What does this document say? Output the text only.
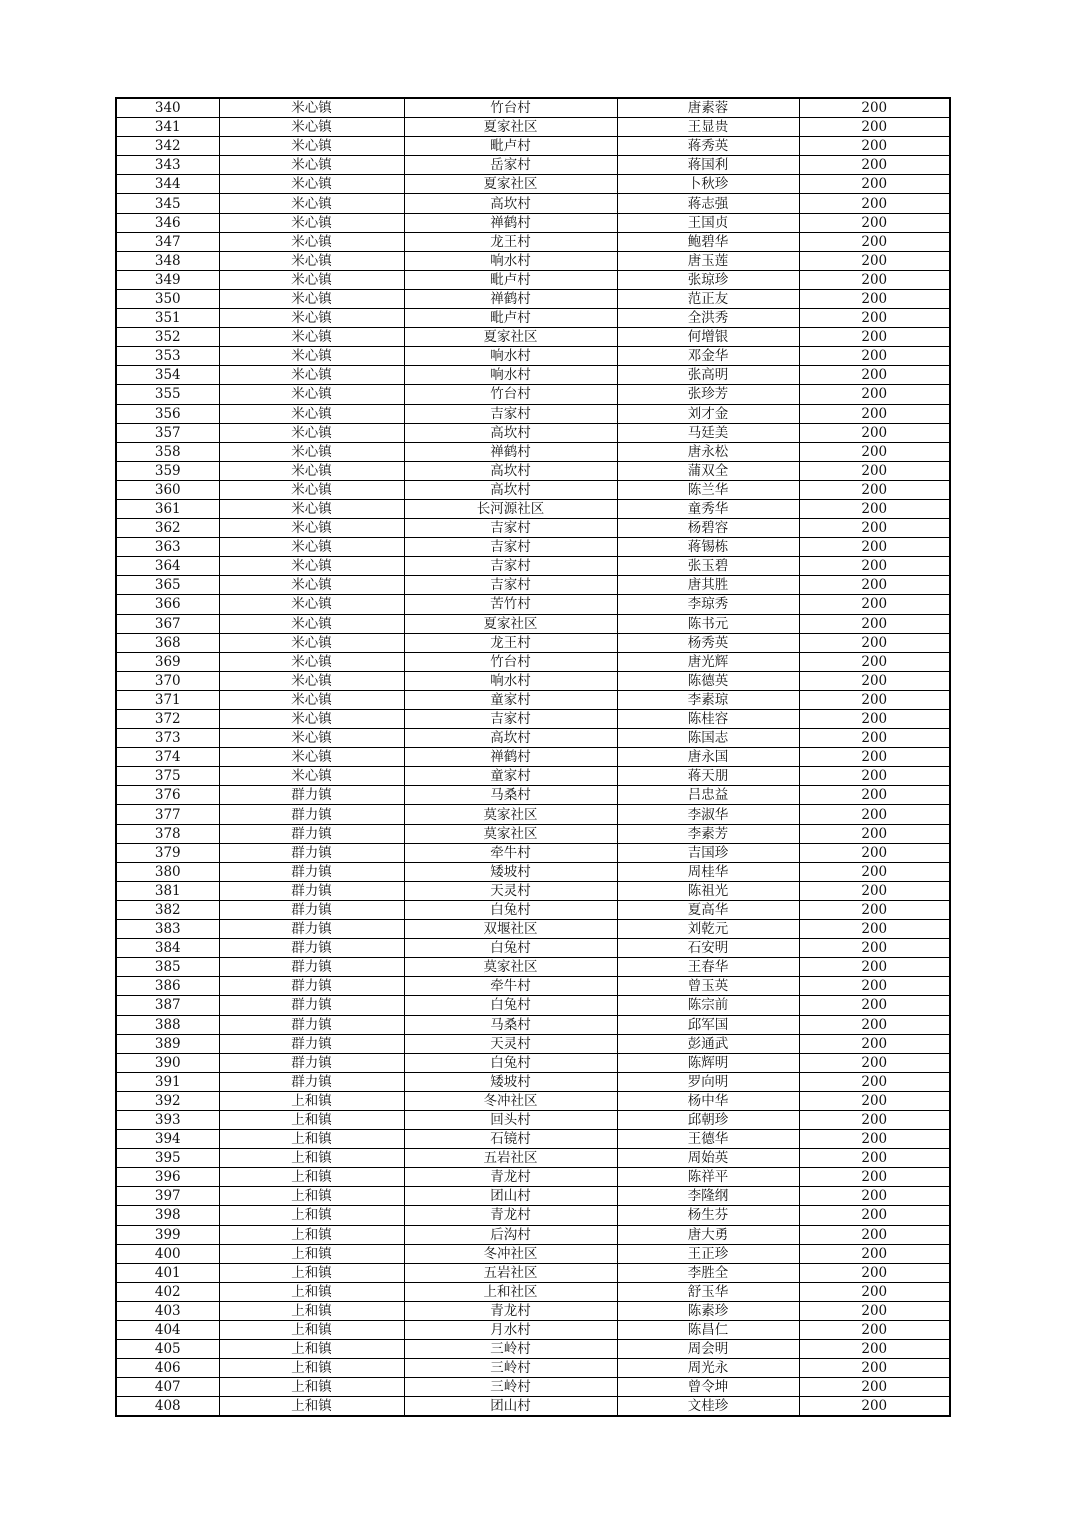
340	米心镇	竹台村	唐素蓉	200
341	米心镇	夏家社区	王显贵	200
342	米心镇	毗卢村	蒋秀英	200
343	米心镇	岳家村	蒋国利	200
344	米心镇	夏家社区	卜秋珍	200
345	米心镇	高坎村	蒋志强	200
346	米心镇	禅鹤村	王国贞	200
347	米心镇	龙王村	鲍碧华	200
348	米心镇	响水村	唐玉莲	200
349	米心镇	毗卢村	张琼珍	200
350	米心镇	禅鹤村	范正友	200
351	米心镇	毗卢村	全洪秀	200
352	米心镇	夏家社区	何增银	200
353	米心镇	响水村	邓金华	200
354	米心镇	响水村	张高明	200
355	米心镇	竹台村	张珍芳	200
356	米心镇	吉家村	刘才金	200
357	米心镇	高坎村	马廷美	200
358	米心镇	禅鹤村	唐永松	200
359	米心镇	高坎村	蒲双全	200
360	米心镇	高坎村	陈兰华	200
361	米心镇	长河源社区	童秀华	200
362	米心镇	吉家村	杨碧容	200
363	米心镇	吉家村	蒋锡栋	200
364	米心镇	吉家村	张玉碧	200
365	米心镇	吉家村	唐其胜	200
366	米心镇	苦竹村	李琼秀	200
367	米心镇	夏家社区	陈书元	200
368	米心镇	龙王村	杨秀英	200
369	米心镇	竹台村	唐光辉	200
370	米心镇	响水村	陈德英	200
371	米心镇	童家村	李素琼	200
372	米心镇	吉家村	陈桂容	200
373	米心镇	高坎村	陈国志	200
374	米心镇	禅鹤村	唐永国	200
375	米心镇	童家村	蒋天朋	200
376	群力镇	马桑村	吕忠益	200
377	群力镇	莫家社区	李淑华	200
378	群力镇	莫家社区	李素芳	200
379	群力镇	牵牛村	吉国珍	200
380	群力镇	矮坡村	周桂华	200
381	群力镇	天灵村	陈祖光	200
382	群力镇	白兔村	夏高华	200
383	群力镇	双堰社区	刘乾元	200
384	群力镇	白兔村	石安明	200
385	群力镇	莫家社区	王春华	200
386	群力镇	牵牛村	曾玉英	200
387	群力镇	白兔村	陈宗前	200
388	群力镇	马桑村	邱军国	200
389	群力镇	天灵村	彭通武	200
390	群力镇	白兔村	陈辉明	200
391	群力镇	矮坡村	罗向明	200
392	上和镇	冬冲社区	杨中华	200
393	上和镇	回头村	邱朝珍	200
394	上和镇	石镜村	王德华	200
395	上和镇	五岩社区	周始英	200
396	上和镇	青龙村	陈祥平	200
397	上和镇	团山村	李隆纲	200
398	上和镇	青龙村	杨生芬	200
399	上和镇	后沟村	唐大勇	200
400	上和镇	冬冲社区	王正珍	200
401	上和镇	五岩社区	李胜全	200
402	上和镇	上和社区	舒玉华	200
403	上和镇	青龙村	陈素珍	200
404	上和镇	月水村	陈昌仁	200
405	上和镇	三岭村	周会明	200
406	上和镇	三岭村	周光永	200
407	上和镇	三岭村	曾令坤	200
408	上和镇	团山村	文桂珍	200
